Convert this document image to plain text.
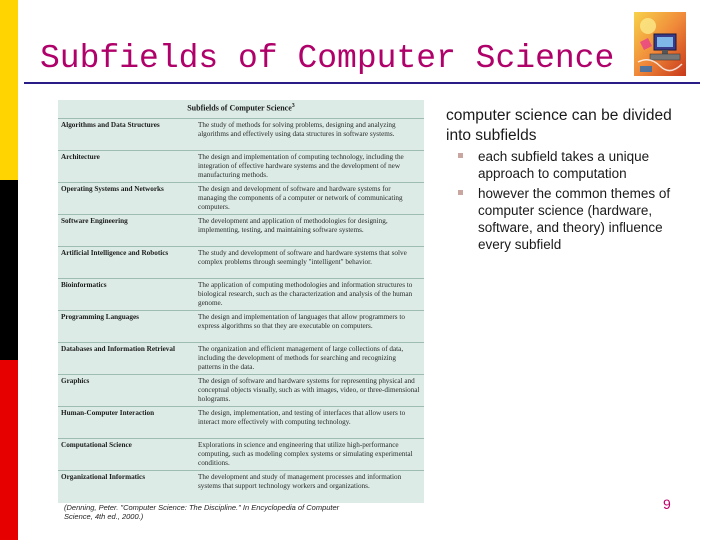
Subfields of Computer Science
Subfields of Computer Science$^3$
Algorithms and Data Structures	The study of methods for solving problems, designing and analyzing algorithms and effectively using data structures in software systems.
Architecture	The design and implementation of computing technology, including the integration of effective hardware systems and the development of new manufacturing methods.
Operating Systems and Networks	The design and development of software and hardware systems for managing the components of a computer or network of communicating computers.
Software Engineering	The development and application of methodologies for designing, implementing, testing, and maintaining software systems.
Artificial Intelligence and Robotics	The study and development of software and hardware systems that solve complex problems through seemingly "intelligent" behavior.
Bioinformatics	The application of computing methodologies and information structures to biological research, such as the characterization and analysis of the human genome.
Programming Languages	The design and implementation of languages that allow programmers to express algorithms so that they are executable on computers.
Databases and Information Retrieval	The organization and efficient management of large collections of data, including the development of methods for searching and recognizing patterns in the data.
Graphics	The design of software and hardware systems for representing physical and conceptual objects visually, such as with images, video, or three-dimensional holograms.
Human-Computer Interaction	The design, implementation, and testing of interfaces that allow users to interact more effectively with computing technology.
Computational Science	Explorations in science and engineering that utilize high-performance computing, such as modeling complex systems or simulating experimental conditions.
Organizational Informatics	The development and study of management processes and information systems that support technology workers and organizations.
(Denning, Peter. "Computer Science: The Discipline." In Encyclopedia of Computer
Science, 4th ed., 2000.)

computer science can be divided into subfields

each subfield takes a unique approach to computation
however the common themes of computer science (hardware, software, and theory) influence every subfield
9
